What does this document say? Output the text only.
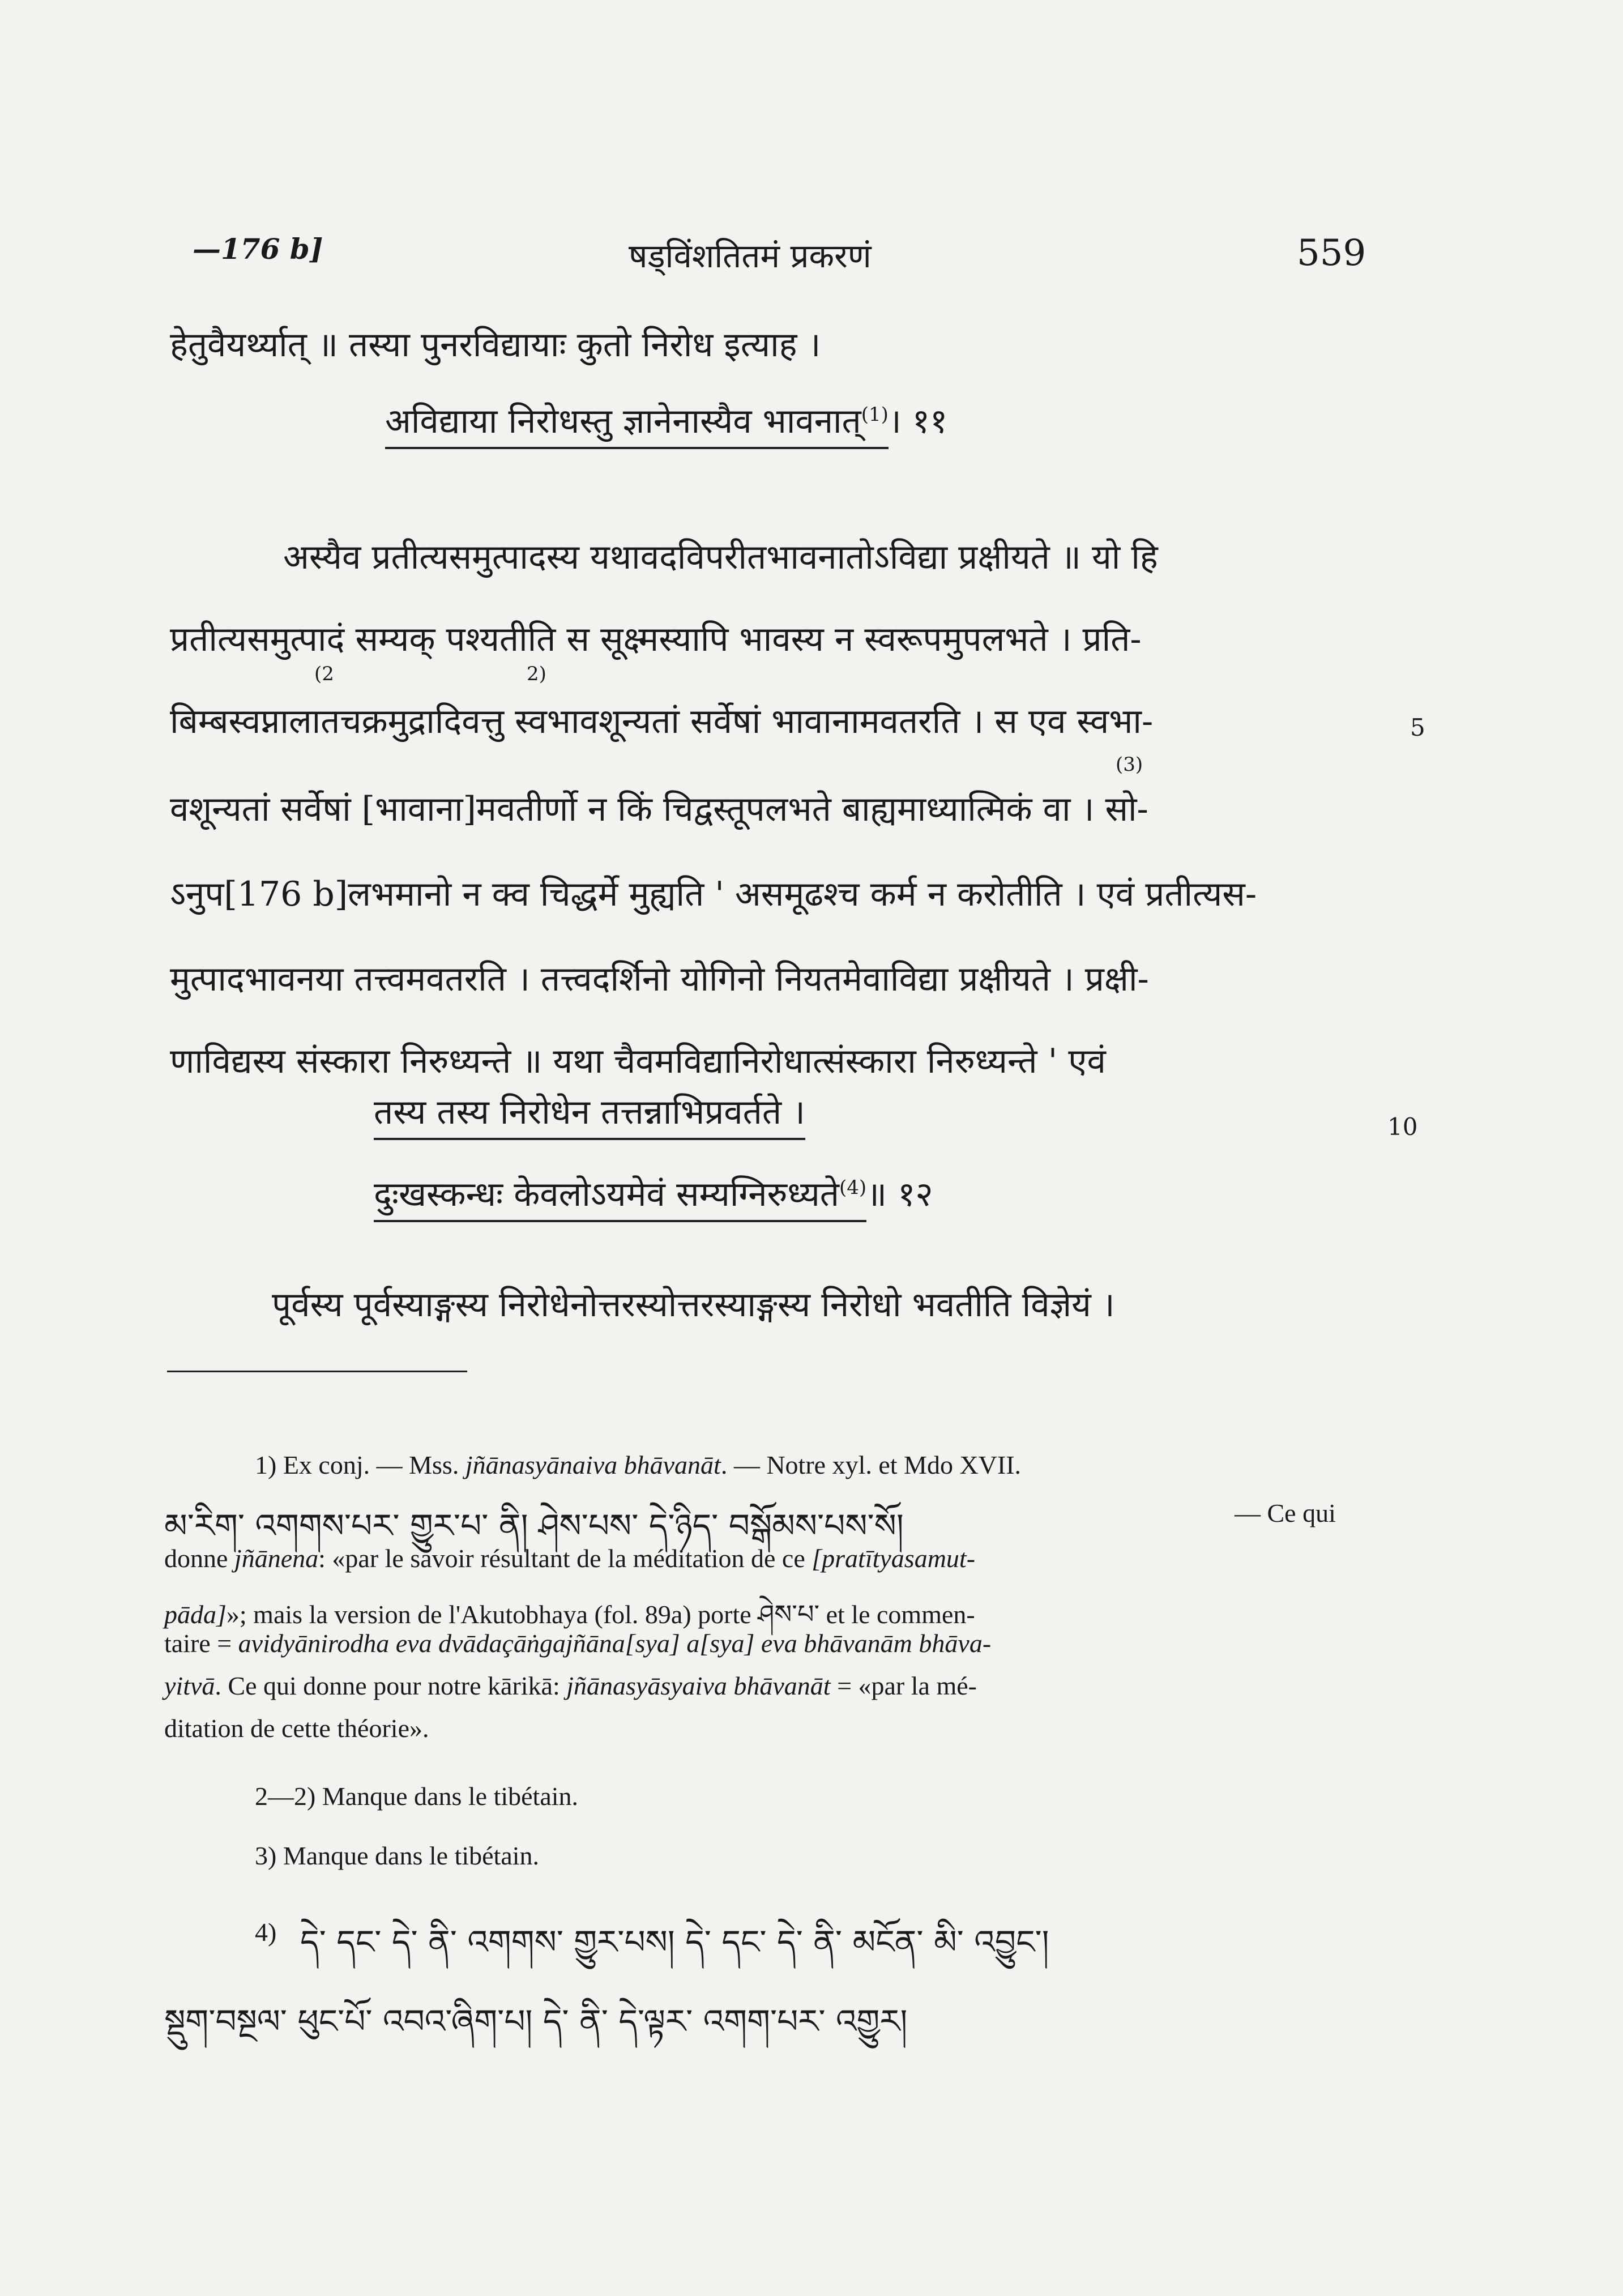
—176 b]	षड्विंशतितमं प्रकरणं	559
हेतुवैयर्थ्यात् ॥ तस्या पुनरविद्यायाः कुतो निरोध इत्याह ।
अविद्याया निरोधस्तु ज्ञानेनास्यैव भावनात्$^{(1)}$। ११
अस्यैव प्रतीत्यसमुत्पादस्य यथावदविपरीतभावनातोऽविद्या प्रक्षीयते ॥ यो हि
प्रतीत्यसमुत्पादं सम्यक् पश्यतीति स सूक्ष्मस्यापि भावस्य न स्वरूपमुपलभते । प्रति-
बिम्बस्वप्नालातचक्रमुद्रादिवत्तु स्वभावशून्यतां सर्वेषां भावानामवतरति । स एव स्वभा-
वशून्यतां सर्वेषां [भावाना]मवतीर्णो न किं चिद्वस्तूपलभते बाह्यमाध्यात्मिकं वा । सो-
ऽनुप[176 b]लभमानो न क्व चिद्धर्मे मुह्यति ' असमूढश्च कर्म न करोतीति । एवं प्रतीत्यस-
मुत्पादभावनया तत्त्वमवतरति । तत्त्वदर्शिनो योगिनो नियतमेवाविद्या प्रक्षीयते । प्रक्षी-
णाविद्यस्य संस्कारा निरुध्यन्ते ॥ यथा चैवमविद्यानिरोधात्संस्कारा निरुध्यन्ते ' एवं
(2	2)
(3)
5
10
तस्य तस्य निरोधेन तत्तन्नाभिप्रवर्तते ।
दुःखस्कन्धः केवलोऽयमेवं सम्यग्निरुध्यते$^{(4)}$॥ १२
पूर्वस्य पूर्वस्याङ्गस्य निरोधेनोत्तरस्योत्तरस्याङ्गस्य निरोधो भवतीति विज्ञेयं ।
1) Ex conj. — Mss. jñānasyānaiva bhāvanāt. — Notre xyl. et Mdo XVII.
མ་རིག་ འགགས་པར་ གྱུར་པ་ ནི། ཤེས་པས་ དེ་ཉིད་ བསྒོམས་པས་སོ།	— Ce qui
donne jñānena: «par le savoir résultant de la méditation de ce [pratītyasamut-
pāda]»; mais la version de l'Akutobhaya (fol. 89a) porte ཤེས་པ་ et le commen-
taire = avidyānirodha eva dvādaçāṅgajñāna[sya] a[sya] eva bhāvanām bhāva-
yitvā. Ce qui donne pour notre kārikā: jñānasyāsyaiva bhāvanāt = «par la mé-
ditation de cette théorie».
2—2) Manque dans le tibétain.
3) Manque dans le tibétain.
4) དེ་ དང་ དེ་ ནི་ འགགས་ གྱུར་པས། དེ་ དང་ དེ་ ནི་ མངོན་ མི་ འབྱུང་།
སྡུག་བསྔལ་ ཕུང་པོ་ འབའ་ཞིག་པ། དེ་ ནི་ དེ་ལྟར་ འགག་པར་ འགྱུར།
